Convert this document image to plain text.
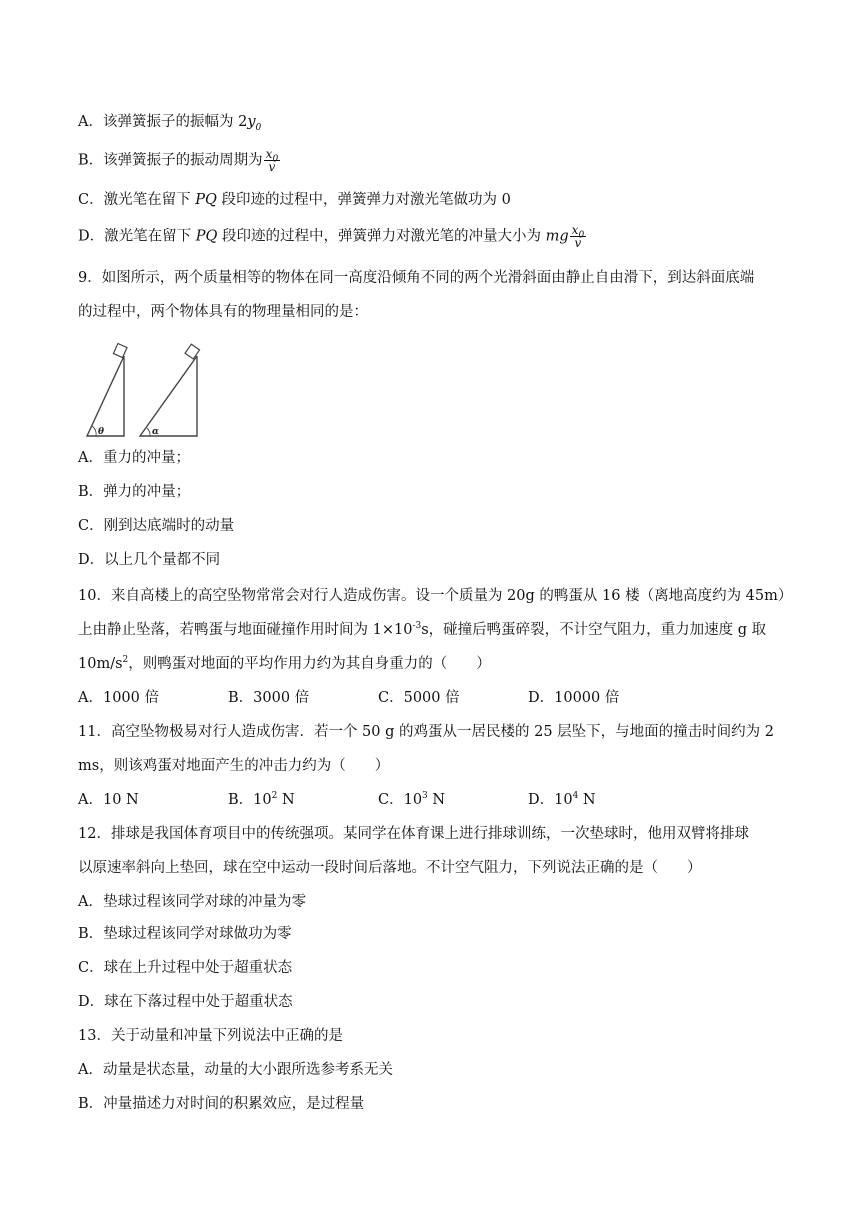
A．该弹簧振子的振幅为 $2y_0$
B．该弹簧振子的振动周期为 $\frac{x_0}{v}$
C．激光笔在留下 PQ 段印迹的过程中，弹簧弹力对激光笔做功为 0
D．激光笔在留下 PQ 段印迹的过程中，弹簧弹力对激光笔的冲量大小为 mg $\frac{x_0}{v}$
9．如图所示，两个质量相等的物体在同一高度沿倾角不同的两个光滑斜面由静止自由滑下，到达斜面底端
的过程中，两个物体具有的物理量相同的是：
θ	α
A．重力的冲量；
B．弹力的冲量；
C．刚到达底端时的动量
D．以上几个量都不同
10．来自高楼上的高空坠物常常会对行人造成伤害。设一个质量为 20g 的鸭蛋从 16 楼（离地高度约为 45m）
上由静止坠落，若鸭蛋与地面碰撞作用时间为 $1\times 10^{-3}s$，碰撞后鸭蛋碎裂，不计空气阻力，重力加速度 g 取
$10m/s^2$，则鸭蛋对地面的平均作用力约为其自身重力的（　　）
A．1000 倍	B．3000 倍	C．5000 倍	D．10000 倍
11．高空坠物极易对行人造成伤害．若一个 50 g 的鸡蛋从一居民楼的 25 层坠下，与地面的撞击时间约为 2
ms，则该鸡蛋对地面产生的冲击力约为（　　）
A．10 N	B．$10^2$ N	C．$10^3$ N	D．$10^4$ N
12．排球是我国体育项目中的传统强项。某同学在体育课上进行排球训练，一次垫球时，他用双臂将排球
以原速率斜向上垫回，球在空中运动一段时间后落地。不计空气阻力，下列说法正确的是（　　）
A．垫球过程该同学对球的冲量为零
B．垫球过程该同学对球做功为零
C．球在上升过程中处于超重状态
D．球在下落过程中处于超重状态
13．关于动量和冲量下列说法中正确的是
A．动量是状态量，动量的大小跟所选参考系无关
B．冲量描述力对时间的积累效应，是过程量
